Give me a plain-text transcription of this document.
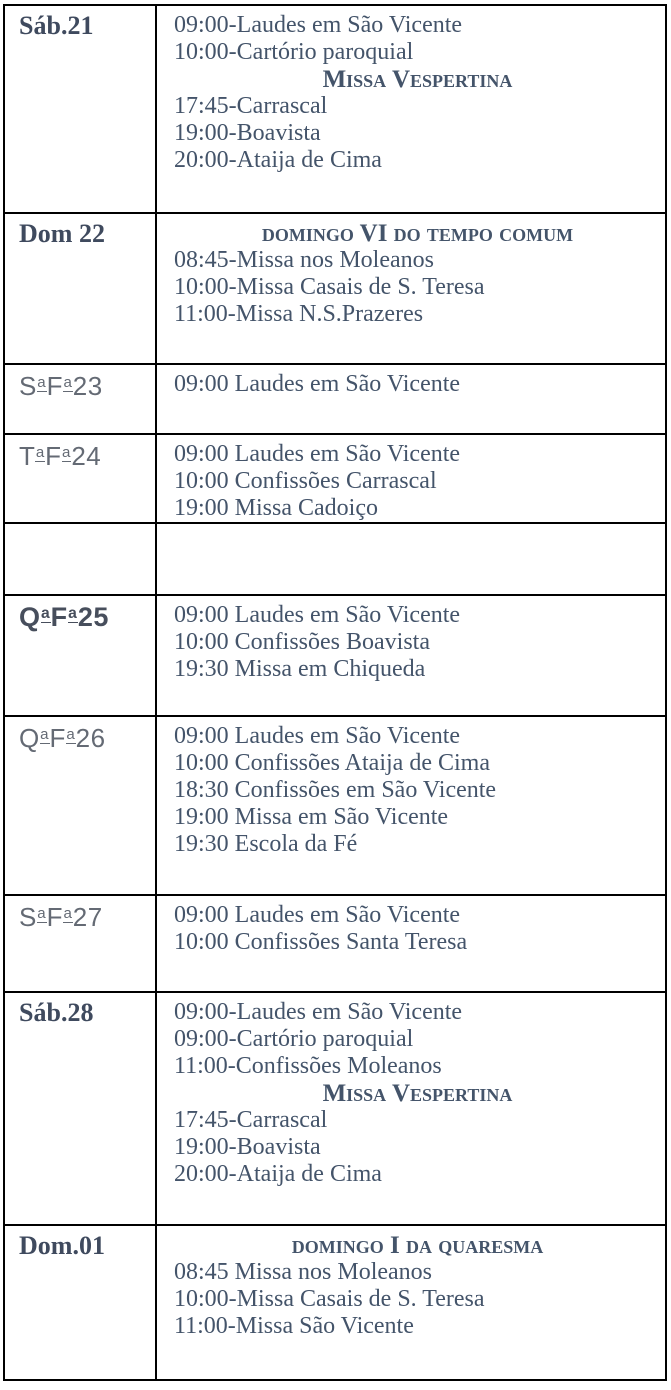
Sáb.21	09:00-Laudes em São Vicente
10:00-Cartório paroquial
Missa Vespertina
17:45-Carrascal
19:00-Boavista
20:00-Ataija de Cima

Dom 22	domingo VI do tempo comum
08:45-Missa nos Moleanos
10:00-Missa Casais de S. Teresa
11:00-Missa N.S.Prazeres

SaFa23	09:00 Laudes em São Vicente

TaFa24	09:00 Laudes em São Vicente
10:00 Confissões Carrascal
19:00 Missa Cadoiço

QaFa25	09:00 Laudes em São Vicente
10:00 Confissões Boavista
19:30 Missa em Chiqueda

QaFa26	09:00 Laudes em São Vicente
10:00 Confissões Ataija de Cima
18:30 Confissões em São Vicente
19:00 Missa em São Vicente
19:30 Escola da Fé

SaFa27	09:00 Laudes em São Vicente
10:00 Confissões Santa Teresa

Sáb.28	09:00-Laudes em São Vicente
09:00-Cartório paroquial
11:00-Confissões Moleanos
Missa Vespertina
17:45-Carrascal
19:00-Boavista
20:00-Ataija de Cima

Dom.01	domingo I da quaresma
08:45 Missa nos Moleanos
10:00-Missa Casais de S. Teresa
11:00-Missa São Vicente
